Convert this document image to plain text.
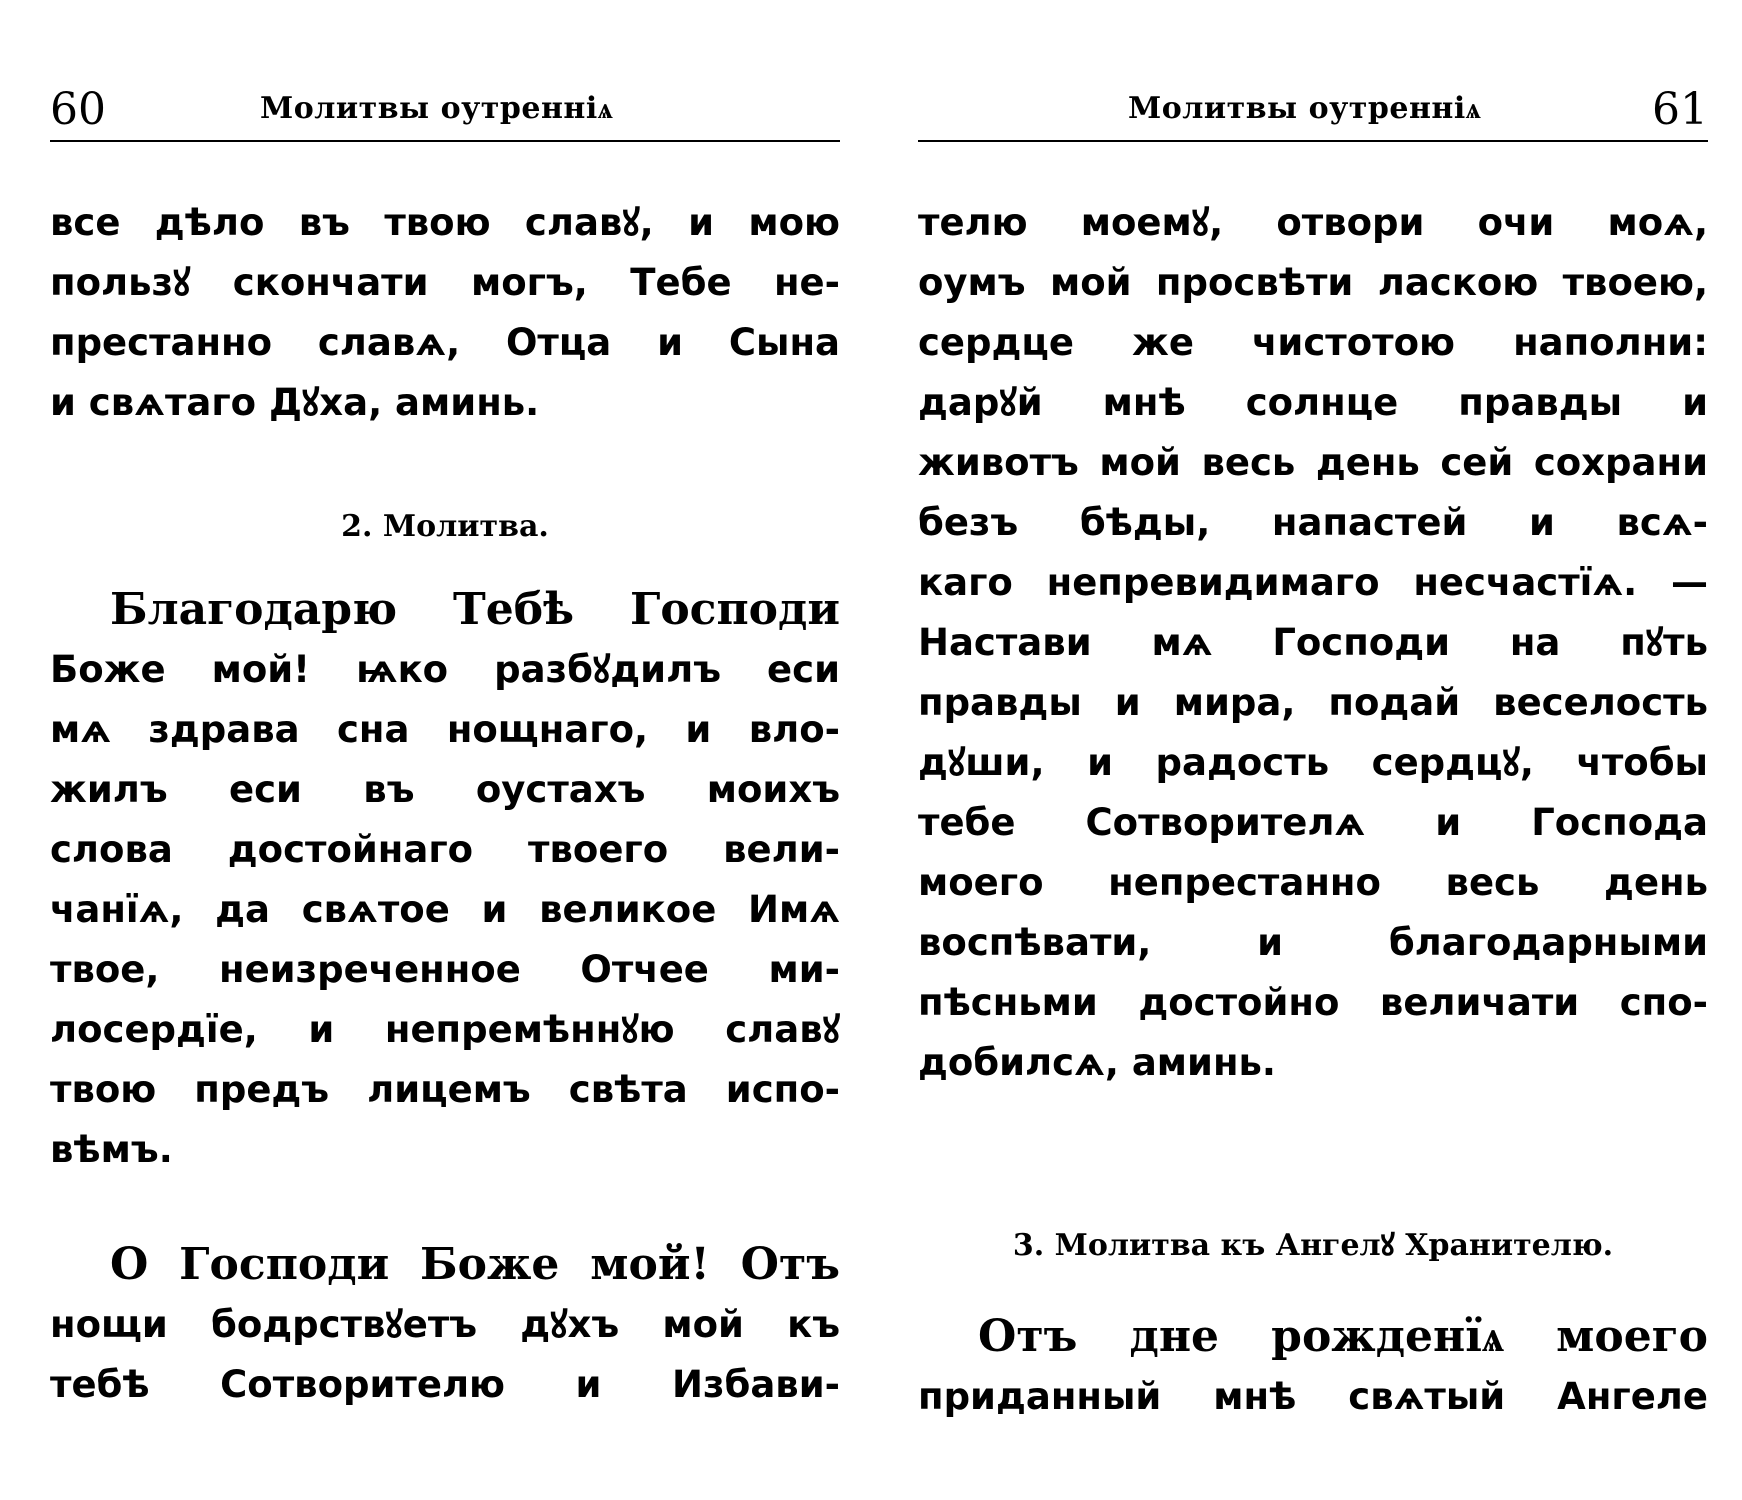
60	Молитвы оутренніѧ
все дѣло въ твою славꙋ, и мою
пользꙋ скончати могъ, Тебе не-
престанно славѧ, Отца и Сына
и свѧтаго Дꙋха, аминь.
2. Молитва.
Благодарю Тебѣ Господи
Боже мой! ѩко разбꙋдилъ еси
мѧ здрава сна нощнаго, и вло-
жилъ еси въ оустахъ моихъ
слова достойнаго твоего вели-
чанїѧ, да свѧтое и великое Имѧ
твое, неизреченное Отчее ми-
лосердїе, и непремѣннꙋю славꙋ
твою предъ лицемъ свѣта испо-
вѣмъ.
О Господи Боже мой! Отъ
нощи бодрствꙋетъ дꙋхъ мой къ
тебѣ Сотворителю и Избави-
Молитвы оутренніѧ	61
телю моемꙋ, отвори очи моѧ,
оумъ мой просвѣти ласкою твоею,
сердце же чистотою наполни:
дарꙋй мнѣ солнце правды и
животъ мой весь день сей сохрани
безъ бѣды, напастей и всѧ-
каго непревидимаго несчастїѧ. —
Настави мѧ Господи на пꙋть
правды и мира, подай веселость
дꙋши, и радость сердцꙋ, чтобы
тебе Сотворителѧ и Господа
моего непрестанно весь день
воспѣвати, и благодарными
пѣсньми достойно величати спо-
добилсѧ, аминь.
3. Молитва къ Ангелꙋ Хранителю.
Отъ дне рожденїѧ моего
приданный мнѣ свѧтый Ангеле
